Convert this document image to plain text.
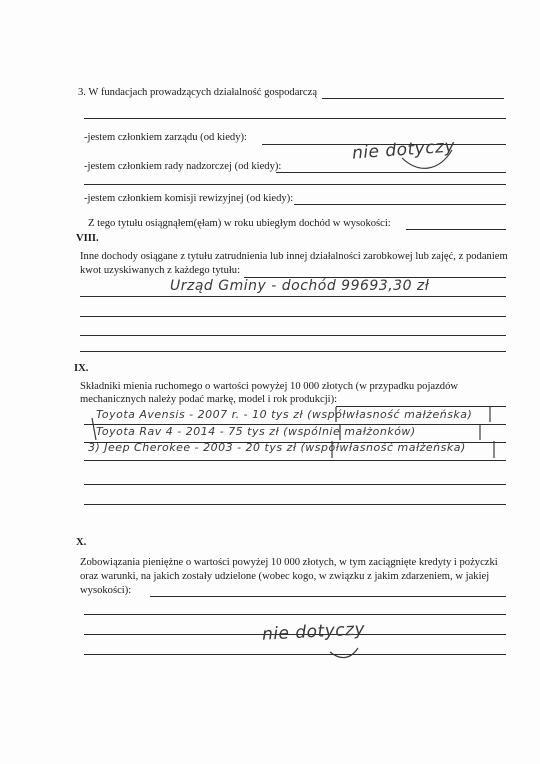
3. W fundacjach prowadzących działalność gospodarczą
-jestem członkiem zarządu (od kiedy):
-jestem członkiem rady nadzorczej (od kiedy):
-jestem członkiem komisji rewizyjnej (od kiedy):
Z tego tytułu osiągnąłem(ęłam) w roku ubiegłym dochód w wysokości:
nie dotyczy
VIII.
Inne dochody osiągane z tytułu zatrudnienia lub innej działalności zarobkowej lub zajęć, z podaniem
kwot uzyskiwanych z każdego tytułu:
Urząd Gminy - dochód 99693,30 zł
IX.
Składniki mienia ruchomego o wartości powyżej 10 000 złotych (w przypadku pojazdów
mechanicznych należy podać markę, model i rok produkcji):
Toyota Avensis - 2007 r. - 10 tys zł (współwłasność małżeńska)
Toyota Rav 4 - 2014 - 75 tys zł (wspólnie małżonków)
3) Jeep Cherokee - 2003 - 20 tys zł (współwłasność małżeńska)
X.
Zobowiązania pieniężne o wartości powyżej 10 000 złotych, w tym zaciągnięte kredyty i pożyczki
oraz warunki, na jakich zostały udzielone (wobec kogo, w związku z jakim zdarzeniem, w jakiej
wysokości):
nie dotyczy
